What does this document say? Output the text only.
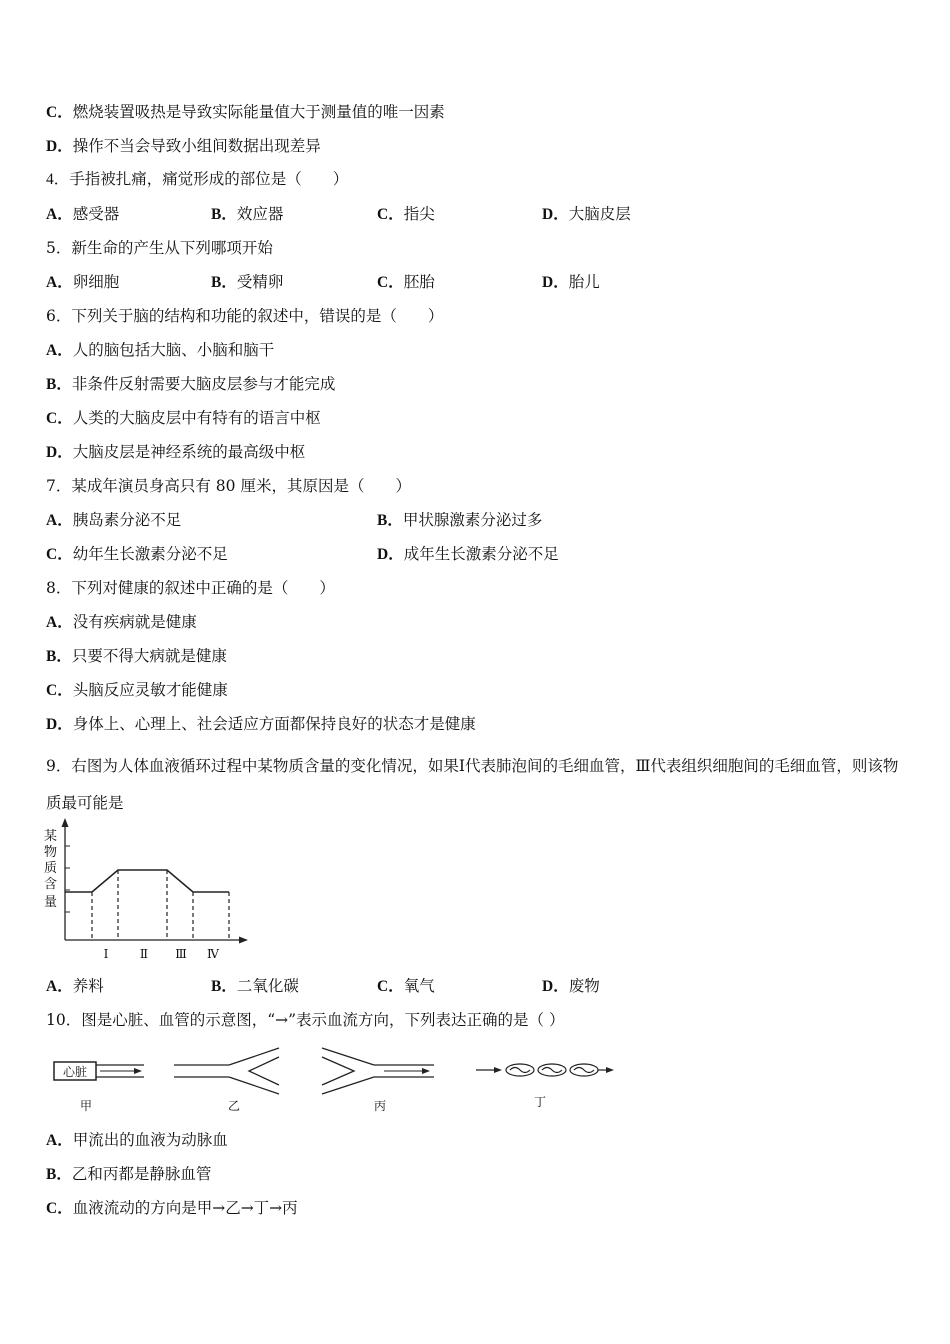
C．燃烧装置吸热是导致实际能量值大于测量值的唯一因素
D．操作不当会导致小组间数据出现差异
4．手指被扎痛，痛觉形成的部位是（　　）
A．感受器	B．效应器	C．指尖	D．大脑皮层
5．新生命的产生从下列哪项开始
A．卵细胞	B．受精卵	C．胚胎	D．胎儿
6．下列关于脑的结构和功能的叙述中，错误的是（　　）
A．人的脑包括大脑、小脑和脑干
B．非条件反射需要大脑皮层参与才能完成
C．人类的大脑皮层中有特有的语言中枢
D．大脑皮层是神经系统的最高级中枢
7．某成年演员身高只有 80 厘米，其原因是（　　）
A．胰岛素分泌不足	B．甲状腺激素分泌过多
C．幼年生长激素分泌不足	D．成年生长激素分泌不足
8．下列对健康的叙述中正确的是（　　）
A．没有疾病就是健康
B．只要不得大病就是健康
C．头脑反应灵敏才能健康
D．身体上、心理上、社会适应方面都保持良好的状态才是健康
9．右图为人体血液循环过程中某物质含量的变化情况，如果Ⅰ代表肺泡间的毛细血管，Ⅲ代表组织细胞间的毛细血管，则该物质最可能是
某
物
质
含
量
Ⅰ	Ⅱ Ⅲ Ⅳ
A．养料	B．二氧化碳	C．氧气	D．废物
10．图是心脏、血管的示意图，“→”表示血流方向，下列表达正确的是（ ）
心脏
甲	乙	丙	丁
A．甲流出的血液为动脉血
B．乙和丙都是静脉血管
C．血液流动的方向是甲→乙→丁→丙
